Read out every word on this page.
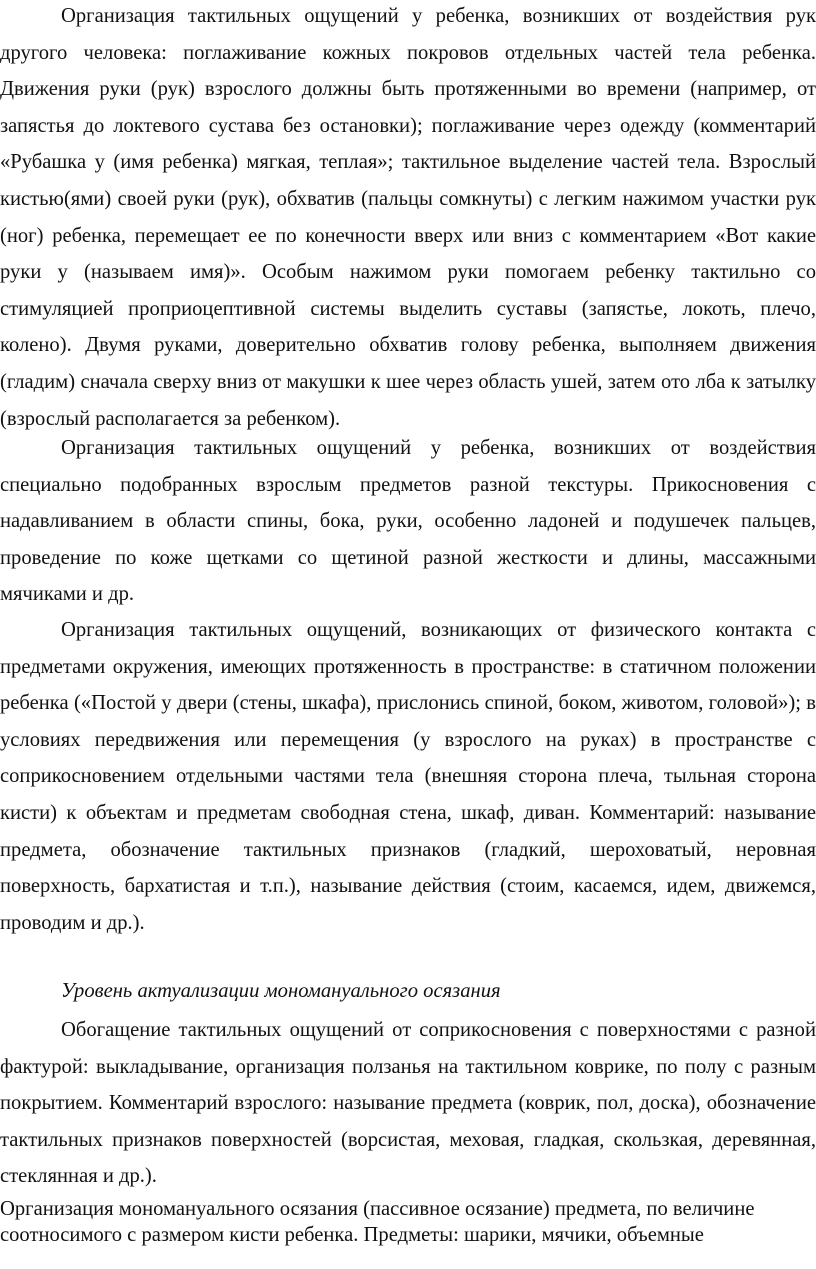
Организация тактильных ощущений у ребенка, возникших от воздействия рук другого человека: поглаживание кожных покровов отдельных частей тела ребенка. Движения руки (рук) взрослого должны быть протяженными во времени (например, от запястья до локтевого сустава без остановки); поглаживание через одежду (комментарий «Рубашка у (имя ребенка) мягкая, теплая»; тактильное выделение частей тела. Взрослый кистью(ями) своей руки (рук), обхватив (пальцы сомкнуты) с легким нажимом участки рук (ног) ребенка, перемещает ее по конечности вверх или вниз с комментарием «Вот какие руки у (называем имя)». Особым нажимом руки помогаем ребенку тактильно со стимуляцией проприоцептивной системы выделить суставы (запястье, локоть, плечо, колено). Двумя руками, доверительно обхватив голову ребенка, выполняем движения (гладим) сначала сверху вниз от макушки к шее через область ушей, затем ото лба к затылку (взрослый располагается за ребенком).

Организация тактильных ощущений у ребенка, возникших от воздействия специально подобранных взрослым предметов разной текстуры. Прикосновения с надавливанием в области спины, бока, руки, особенно ладоней и подушечек пальцев, проведение по коже щетками со щетиной разной жесткости и длины, массажными мячиками и др.

Организация тактильных ощущений, возникающих от физического контакта с предметами окружения, имеющих протяженность в пространстве: в статичном положении ребенка («Постой у двери (стены, шкафа), прислонись спиной, боком, животом, головой»); в условиях передвижения или перемещения (у взрослого на руках) в пространстве с соприкосновением отдельными частями тела (внешняя сторона плеча, тыльная сторона кисти) к объектам и предметам свободная стена, шкаф, диван. Комментарий: называние предмета, обозначение тактильных признаков (гладкий, шероховатый, неровная поверхность, бархатистая и т.п.), называние действия (стоим, касаемся, идем, движемся, проводим и др.).

Уровень актуализации мономануального осязания

Обогащение тактильных ощущений от соприкосновения с поверхностями с разной фактурой: выкладывание, организация ползанья на тактильном коврике, по полу с разным покрытием. Комментарий взрослого: называние предмета (коврик, пол, доска), обозначение тактильных признаков поверхностей (ворсистая, меховая, гладкая, скользкая, деревянная, стеклянная и др.).

Организация мономануального осязания (пассивное осязание) предмета, по величине соотносимого с размером кисти ребенка. Предметы: шарики, мячики, объемные
